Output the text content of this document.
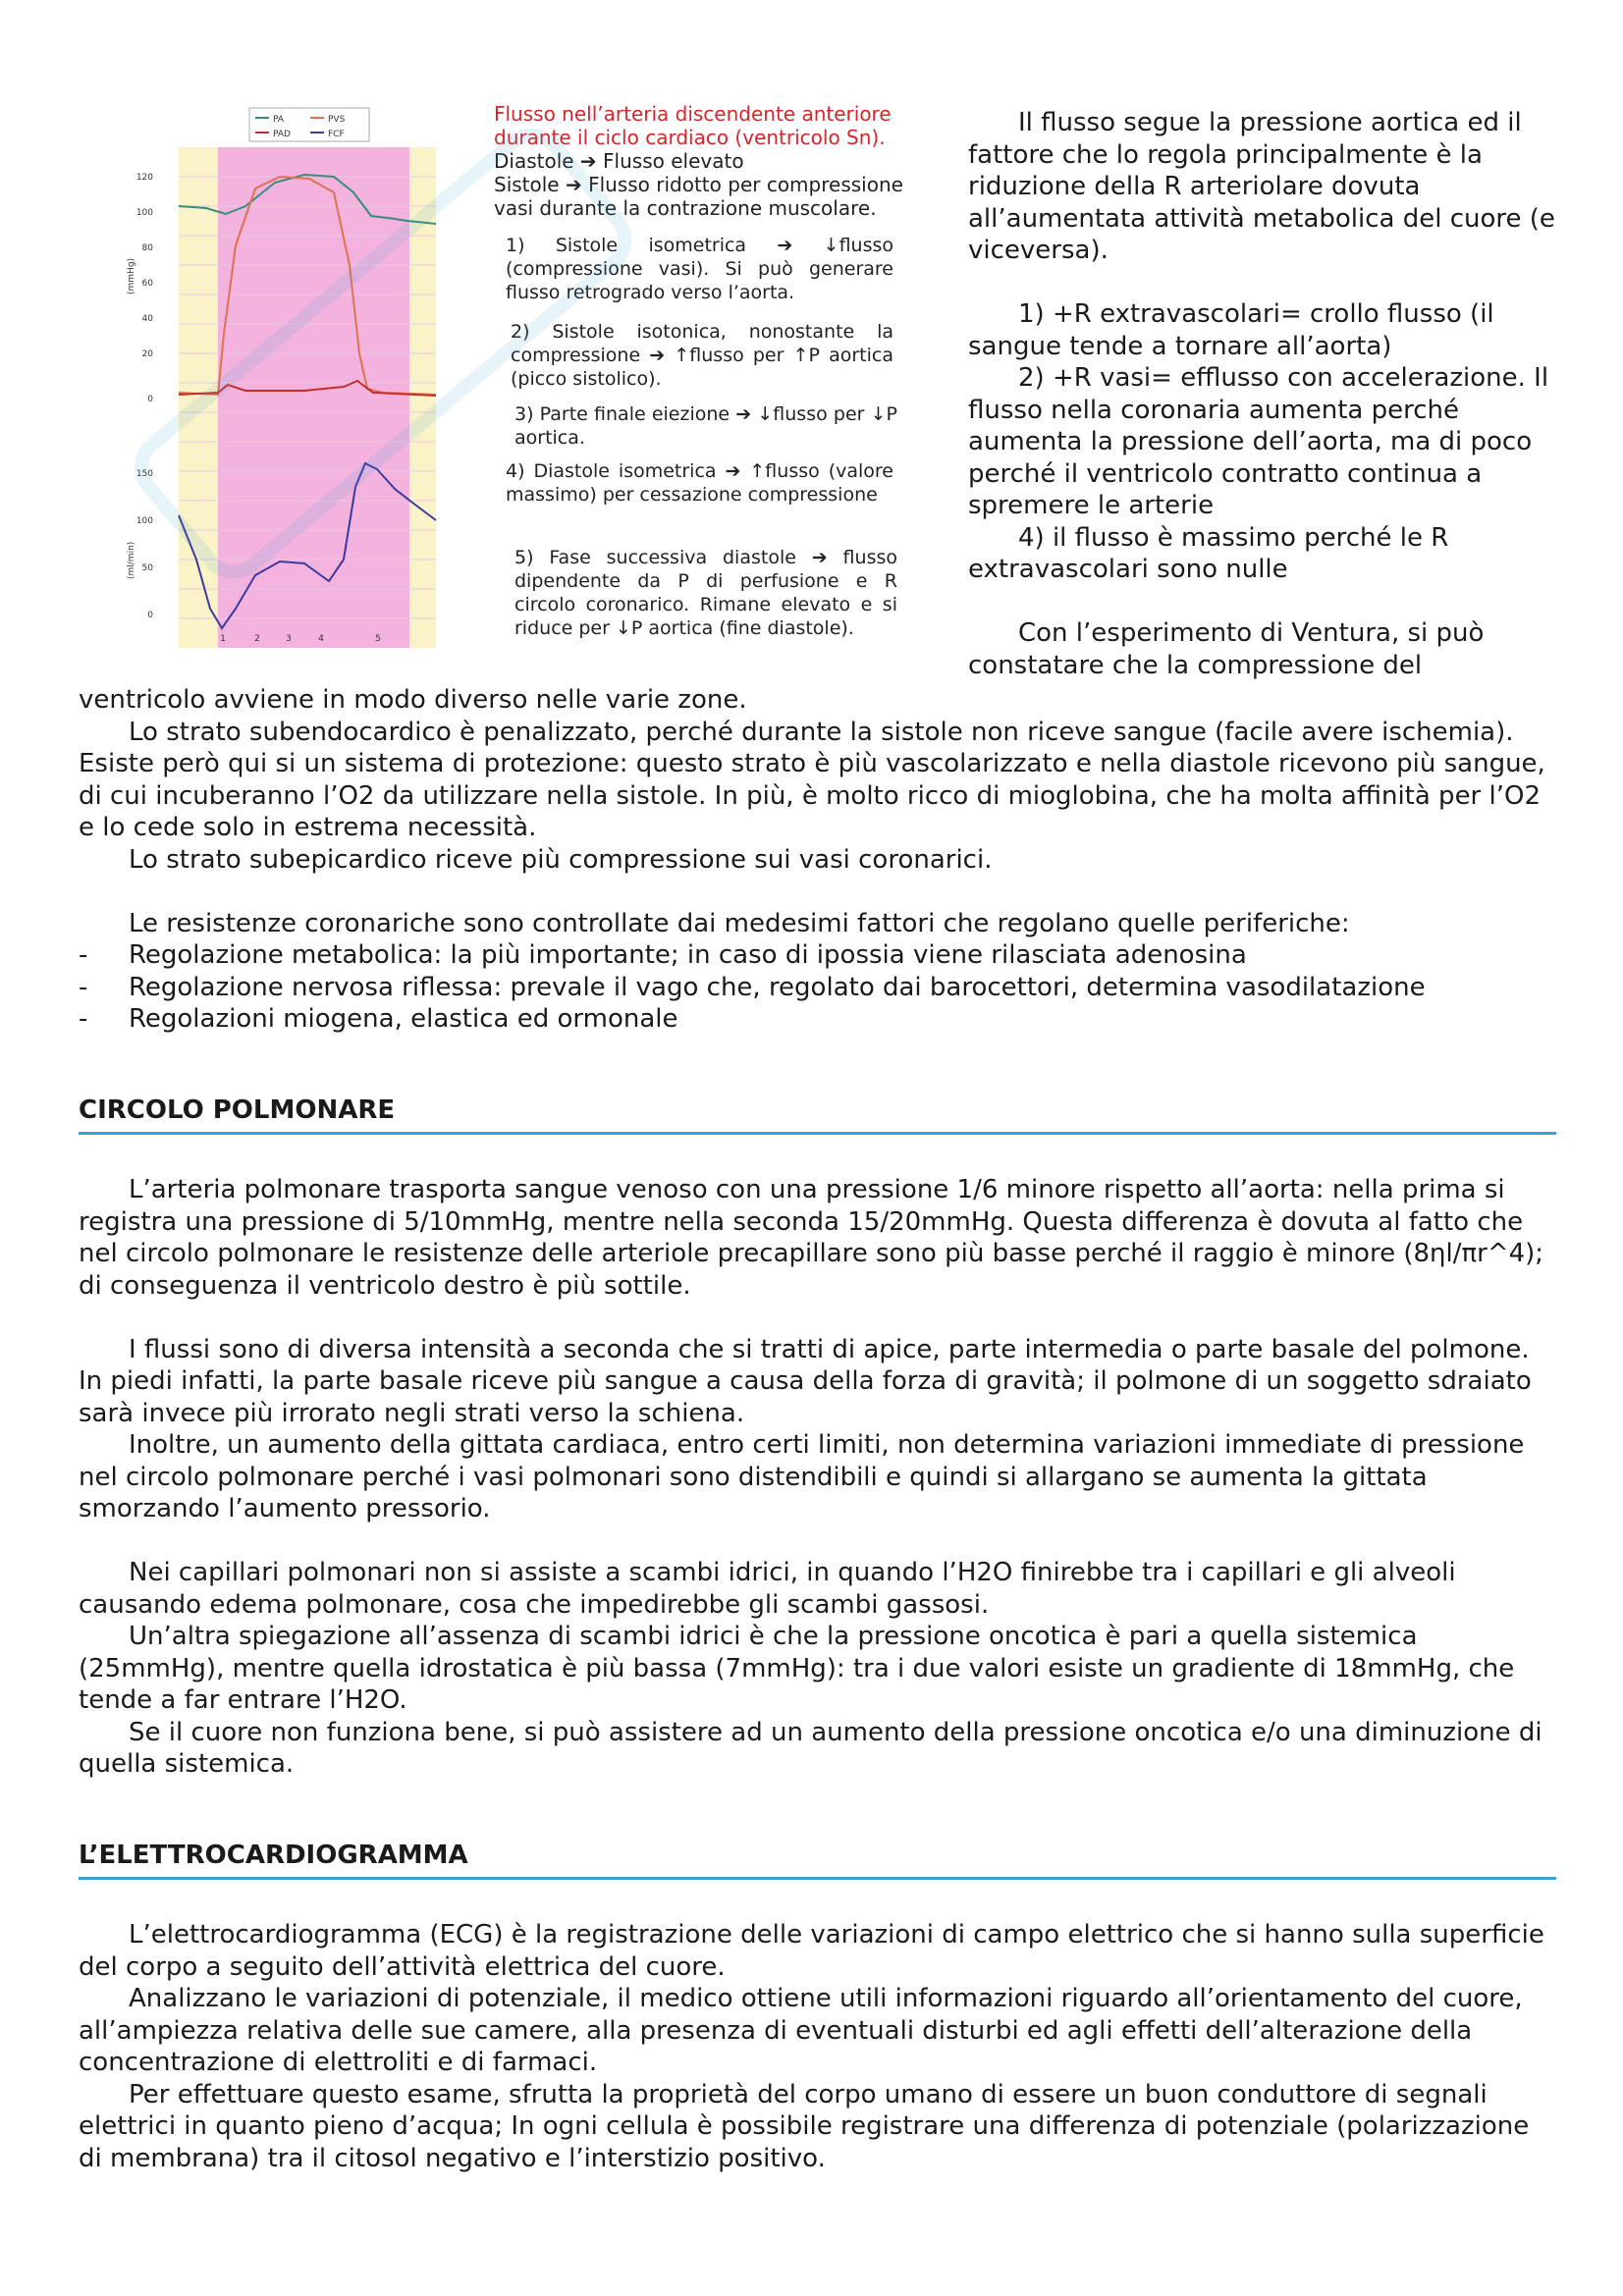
PA	PVS
PAD	FCF
120
100
80
60
40
20
0
(mmHg)
150
100
50
0
(ml/min)
1	2	3	4	5
Flusso nell’arteria discendente anteriore durante il ciclo cardiaco (ventricolo Sn).
Diastole ➔ Flusso elevato
Sistole ➔ Flusso ridotto per compressione vasi durante la contrazione muscolare.
1) Sistole isometrica ➔ ↓flusso (compressione vasi). Si può generare flusso retrogrado verso l’aorta.
2) Sistole isotonica, nonostante la compressione ➔ ↑flusso per ↑P aortica (picco sistolico).
3) Parte finale eiezione ➔ ↓flusso per ↓P aortica.
4) Diastole isometrica ➔ ↑flusso (valore massimo) per cessazione compressione
5) Fase successiva diastole ➔ flusso dipendente da P di perfusione e R circolo coronarico. Rimane elevato e si riduce per ↓P aortica (fine diastole).

Il flusso segue la pressione aortica ed il fattore che lo regola principalmente è la riduzione della R arteriolare dovuta all’aumentata attività metabolica del cuore (e viceversa).

1) +R extravascolari= crollo flusso (il sangue tende a tornare all’aorta)

2) +R vasi= efflusso con accelerazione. Il flusso nella coronaria aumenta perché aumenta la pressione dell’aorta, ma di poco perché il ventricolo contratto continua a spremere le arterie

4) il flusso è massimo perché le R extravascolari sono nulle

Con l’esperimento di Ventura, si può constatare che la compressione del

ventricolo avviene in modo diverso nelle varie zone.

Lo strato subendocardico è penalizzato, perché durante la sistole non riceve sangue (facile avere ischemia). Esiste però qui si un sistema di protezione: questo strato è più vascolarizzato e nella diastole ricevono più sangue, di cui incuberanno l’O2 da utilizzare nella sistole. In più, è molto ricco di mioglobina, che ha molta affinità per l’O2 e lo cede solo in estrema necessità.

Lo strato subepicardico riceve più compressione sui vasi coronarici.

Le resistenze coronariche sono controllate dai medesimi fattori che regolano quelle periferiche:

-	Regolazione metabolica: la più importante; in caso di ipossia viene rilasciata adenosina
-	Regolazione nervosa riflessa: prevale il vago che, regolato dai barocettori, determina vasodilatazione
-	Regolazioni miogena, elastica ed ormonale
CIRCOLO POLMONARE

L’arteria polmonare trasporta sangue venoso con una pressione 1/6 minore rispetto all’aorta: nella prima si registra una pressione di 5/10mmHg, mentre nella seconda 15/20mmHg. Questa differenza è dovuta al fatto che nel circolo polmonare le resistenze delle arteriole precapillare sono più basse perché il raggio è minore (8ηl/πr^4); di conseguenza il ventricolo destro è più sottile.

I flussi sono di diversa intensità a seconda che si tratti di apice, parte intermedia o parte basale del polmone. In piedi infatti, la parte basale riceve più sangue a causa della forza di gravità; il polmone di un soggetto sdraiato sarà invece più irrorato negli strati verso la schiena.

Inoltre, un aumento della gittata cardiaca, entro certi limiti, non determina variazioni immediate di pressione nel circolo polmonare perché i vasi polmonari sono distendibili e quindi si allargano se aumenta la gittata smorzando l’aumento pressorio.

Nei capillari polmonari non si assiste a scambi idrici, in quando l’H2O finirebbe tra i capillari e gli alveoli causando edema polmonare, cosa che impedirebbe gli scambi gassosi.

Un’altra spiegazione all’assenza di scambi idrici è che la pressione oncotica è pari a quella sistemica (25mmHg), mentre quella idrostatica è più bassa (7mmHg): tra i due valori esiste un gradiente di 18mmHg, che tende a far entrare l’H2O.

Se il cuore non funziona bene, si può assistere ad un aumento della pressione oncotica e/o una diminuzione di quella sistemica.

L’ELETTROCARDIOGRAMMA

L’elettrocardiogramma (ECG) è la registrazione delle variazioni di campo elettrico che si hanno sulla superficie del corpo a seguito dell’attività elettrica del cuore.

Analizzano le variazioni di potenziale, il medico ottiene utili informazioni riguardo all’orientamento del cuore, all’ampiezza relativa delle sue camere, alla presenza di eventuali disturbi ed agli effetti dell’alterazione della concentrazione di elettroliti e di farmaci.

Per effettuare questo esame, sfrutta la proprietà del corpo umano di essere un buon conduttore di segnali elettrici in quanto pieno d’acqua; In ogni cellula è possibile registrare una differenza di potenziale (polarizzazione di membrana) tra il citosol negativo e l’interstizio positivo.
